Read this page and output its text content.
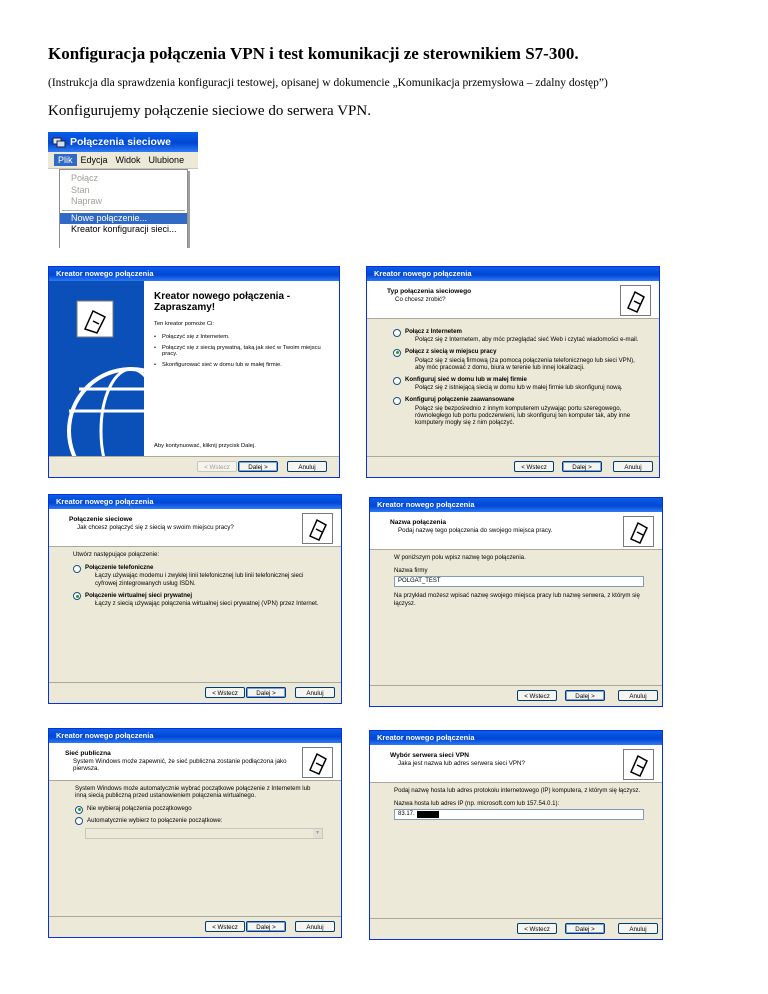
Konfiguracja połączenia VPN i test komunikacji ze sterownikiem S7-300.
(Instrukcja dla sprawdzenia konfiguracji testowej, opisanej w dokumencie „Komunikacja przemysłowa – zdalny dostęp”)
Konfigurujemy połączenie sieciowe do serwera VPN.
Połączenia sieciowe
Plik Edycja Widok Ulubione
Połącz
Stan
Napraw
Nowe połączenie...
Kreator konfiguracji sieci...
Kreator nowego połączenia
Kreator nowego połączenia - Zapraszamy!

Ten kreator pomoże Ci:

•	Połączyć się z Internetem.
•	Połączyć się z siecią prywatną, taką jak sieć w Twoim miejscu pracy.
•	Skonfigurować sieć w domu lub w małej firmie.
Aby kontynuować, kliknij przycisk Dalej.
< Wstecz	Dalej >	Anuluj
Kreator nowego połączenia
Typ połączenia sieciowego
Co chcesz zrobić?
Połącz z Internetem
Połącz się z Internetem, aby móc przeglądać sieć Web i czytać wiadomości e-mail.
Połącz z siecią w miejscu pracy
Połącz się z siecią firmową (za pomocą połączenia telefonicznego lub sieci VPN), aby móc pracować z domu, biura w terenie lub innej lokalizacji.
Konfiguruj sieć w domu lub w małej firmie
Połącz się z istniejącą siecią w domu lub w małej firmie lub skonfiguruj nową.
Konfiguruj połączenie zaawansowane
Połącz się bezpośrednio z innym komputerem używając portu szeregowego, równoległego lub portu podczerwieni, lub skonfiguruj ten komputer tak, aby inne komputery mogły się z nim połączyć.
< Wstecz	Dalej >	Anuluj
Kreator nowego połączenia
Połączenie sieciowe
Jak chcesz połączyć się z siecią w swoim miejscu pracy?

Utwórz następujące połączenie:

Połączenie telefoniczne
Łączy używając modemu i zwykłej linii telefonicznej lub linii telefonicznej sieci cyfrowej zintegrowanych usług ISDN.
Połączenie wirtualnej sieci prywatnej
Łączy z siecią używając połączenia wirtualnej sieci prywatnej (VPN) przez Internet.
< Wstecz	Dalej >	Anuluj
Kreator nowego połączenia
Nazwa połączenia
Podaj nazwę tego połączenia do swojego miejsca pracy.

W poniższym polu wpisz nazwę tego połączenia.

Nazwa firmy

POLGAT_TEST

Na przykład możesz wpisać nazwę swojego miejsca pracy lub nazwę serwera, z którym się łączysz.

< Wstecz	Dalej >	Anuluj
Kreator nowego połączenia
Sieć publiczna
System Windows może zapewnić, że sieć publiczna zostanie podłączona jako pierwsza.

System Windows może automatycznie wybrać początkowe połączenie z Internetem lub inną siecią publiczną przed ustanowieniem połączenia wirtualnego.

Nie wybieraj połączenia początkowego
Automatycznie wybierz to połączenie początkowe:
▾
< Wstecz	Dalej >	Anuluj
Kreator nowego połączenia
Wybór serwera sieci VPN
Jaka jest nazwa lub adres serwera sieci VPN?

Podaj nazwę hosta lub adres protokołu internetowego (IP) komputera, z którym się łączysz.

Nazwa hosta lub adres IP (np. microsoft.com lub 157.54.0.1):

83.17.
< Wstecz	Dalej >	Anuluj
